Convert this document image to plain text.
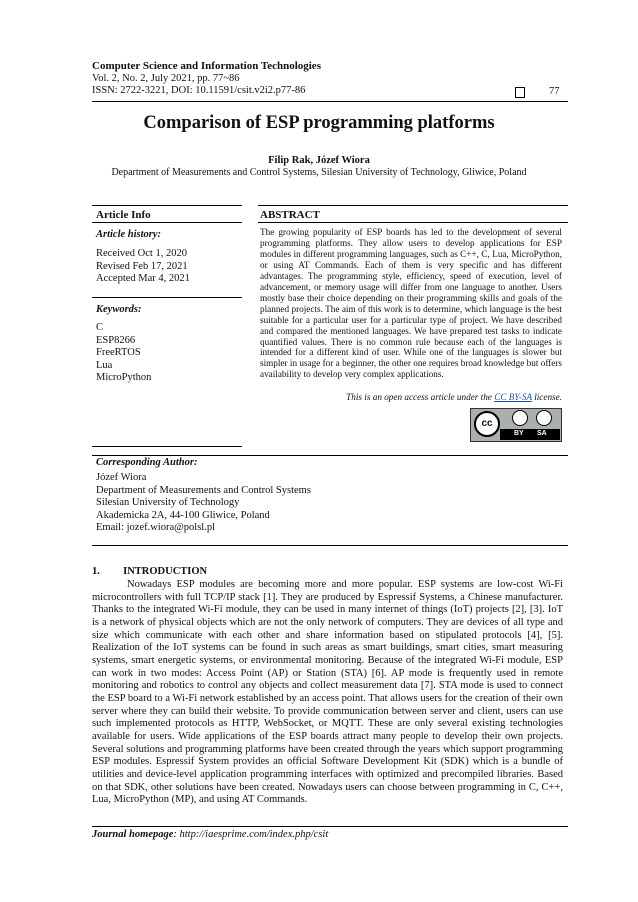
Computer Science and Information Technologies
Vol. 2, No. 2, July 2021, pp. 77~86
ISSN: 2722-3221, DOI: 10.11591/csit.v2i2.p77-86	77
Comparison of ESP programming platforms
Filip Rak, Józef Wiora
Department of Measurements and Control Systems, Silesian University of Technology, Gliwice, Poland
Article Info
Article history:
Received Oct 1, 2020
Revised Feb 17, 2021
Accepted Mar 4, 2021
Keywords:
C
ESP8266
FreeRTOS
Lua
MicroPython
ABSTRACT
The growing popularity of ESP boards has led to the development of several programming platforms. They allow users to develop applications for ESP modules in different programming languages, such as C++, C, Lua, MicroPython, or using AT Commands. Each of them is very specific and has different advantages. The programming style, efficiency, speed of execution, level of advancement, or memory usage will differ from one language to another. Users mostly base their choice depending on their programming skills and goals of the planned projects. The aim of this work is to determine, which language is the best suitable for a particular user for a particular type of project. We have described and compared the mentioned languages. We have prepared test tasks to indicate quantified values. There is no common rule because each of the languages is intended for a different kind of user. While one of the languages is slower but simpler in usage for a beginner, the other one requires broad knowledge but offers availability to develop very complex applications.
This is an open access article under the CC BY-SA license.
cc
BY SA
Corresponding Author:
Józef Wiora
Department of Measurements and Control Systems
Silesian University of Technology
Akademicka 2A, 44-100 Gliwice, Poland
Email: jozef.wiora@polsl.pl
1. INTRODUCTION
Nowadays ESP modules are becoming more and more popular. ESP systems are low-cost Wi-Fi microcontrollers with full TCP/IP stack [1]. They are produced by Espressif Systems, a Chinese manufacturer. Thanks to the integrated Wi-Fi module, they can be used in many internet of things (IoT) projects [2], [3]. IoT is a network of physical objects which are not the only network of computers. They are devices of all type and size which communicate with each other and share information based on stipulated protocols [4], [5]. Realization of the IoT systems can be found in such areas as smart buildings, smart cities, smart measuring systems, smart energetic systems, or environmental monitoring. Because of the integrated Wi-Fi module, ESP can work in two modes: Access Point (AP) or Station (STA) [6]. AP mode is frequently used in remote monitoring and robotics to control any objects and collect measurement data [7]. STA mode is used to connect the ESP board to a Wi-Fi network established by an access point. That allows users for the creation of their own server where they can build their website. To provide communication between server and client, users can use such implemented protocols as HTTP, WebSocket, or MQTT. These are only several existing technologies available for users. Wide applications of the ESP boards attract many people to develop their own projects. Several solutions and programming platforms have been created through the years which support programming ESP modules. Espressif System provides an official Software Development Kit (SDK) which is a bundle of utilities and device-level application programming interfaces with optimized and precompiled libraries. Based on that SDK, other solutions have been created. Nowadays users can choose between programming in C, C++, Lua, MicroPython (MP), and using AT Commands.
Journal homepage: http://iaesprime.com/index.php/csit
